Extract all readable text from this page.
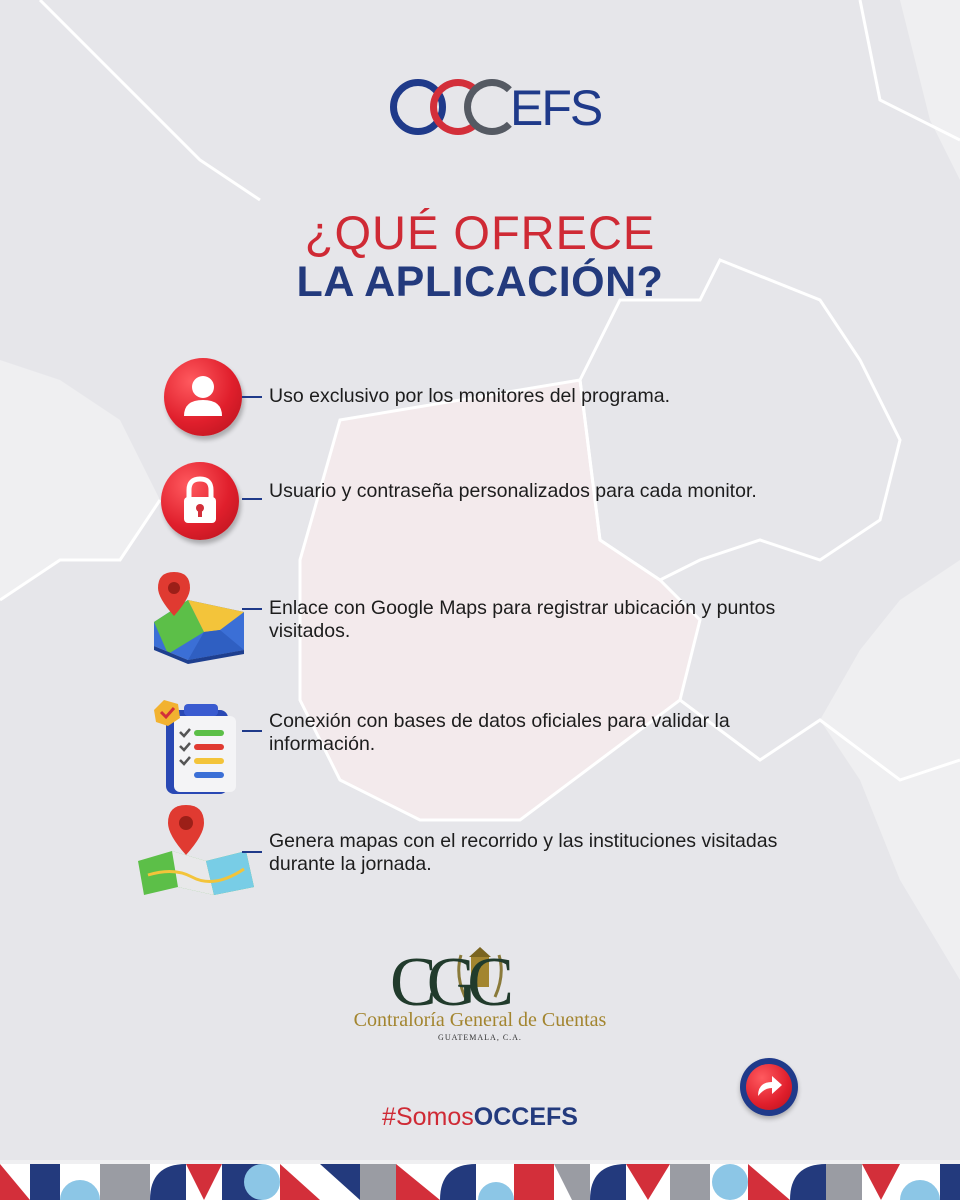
EFS
¿QUÉ OFRECE
LA APLICACIÓN?
Uso exclusivo por los monitores del programa.
Usuario y contraseña personalizados para cada monitor.
Enlace con Google Maps para registrar ubicación y puntos visitados.
Conexión con bases de datos oficiales para validar la información.
Genera mapas con el recorrido y las instituciones visitadas durante la jornada.
CGC
Contraloría General de Cuentas
GUATEMALA, C.A.
#SomosOCCEFS
